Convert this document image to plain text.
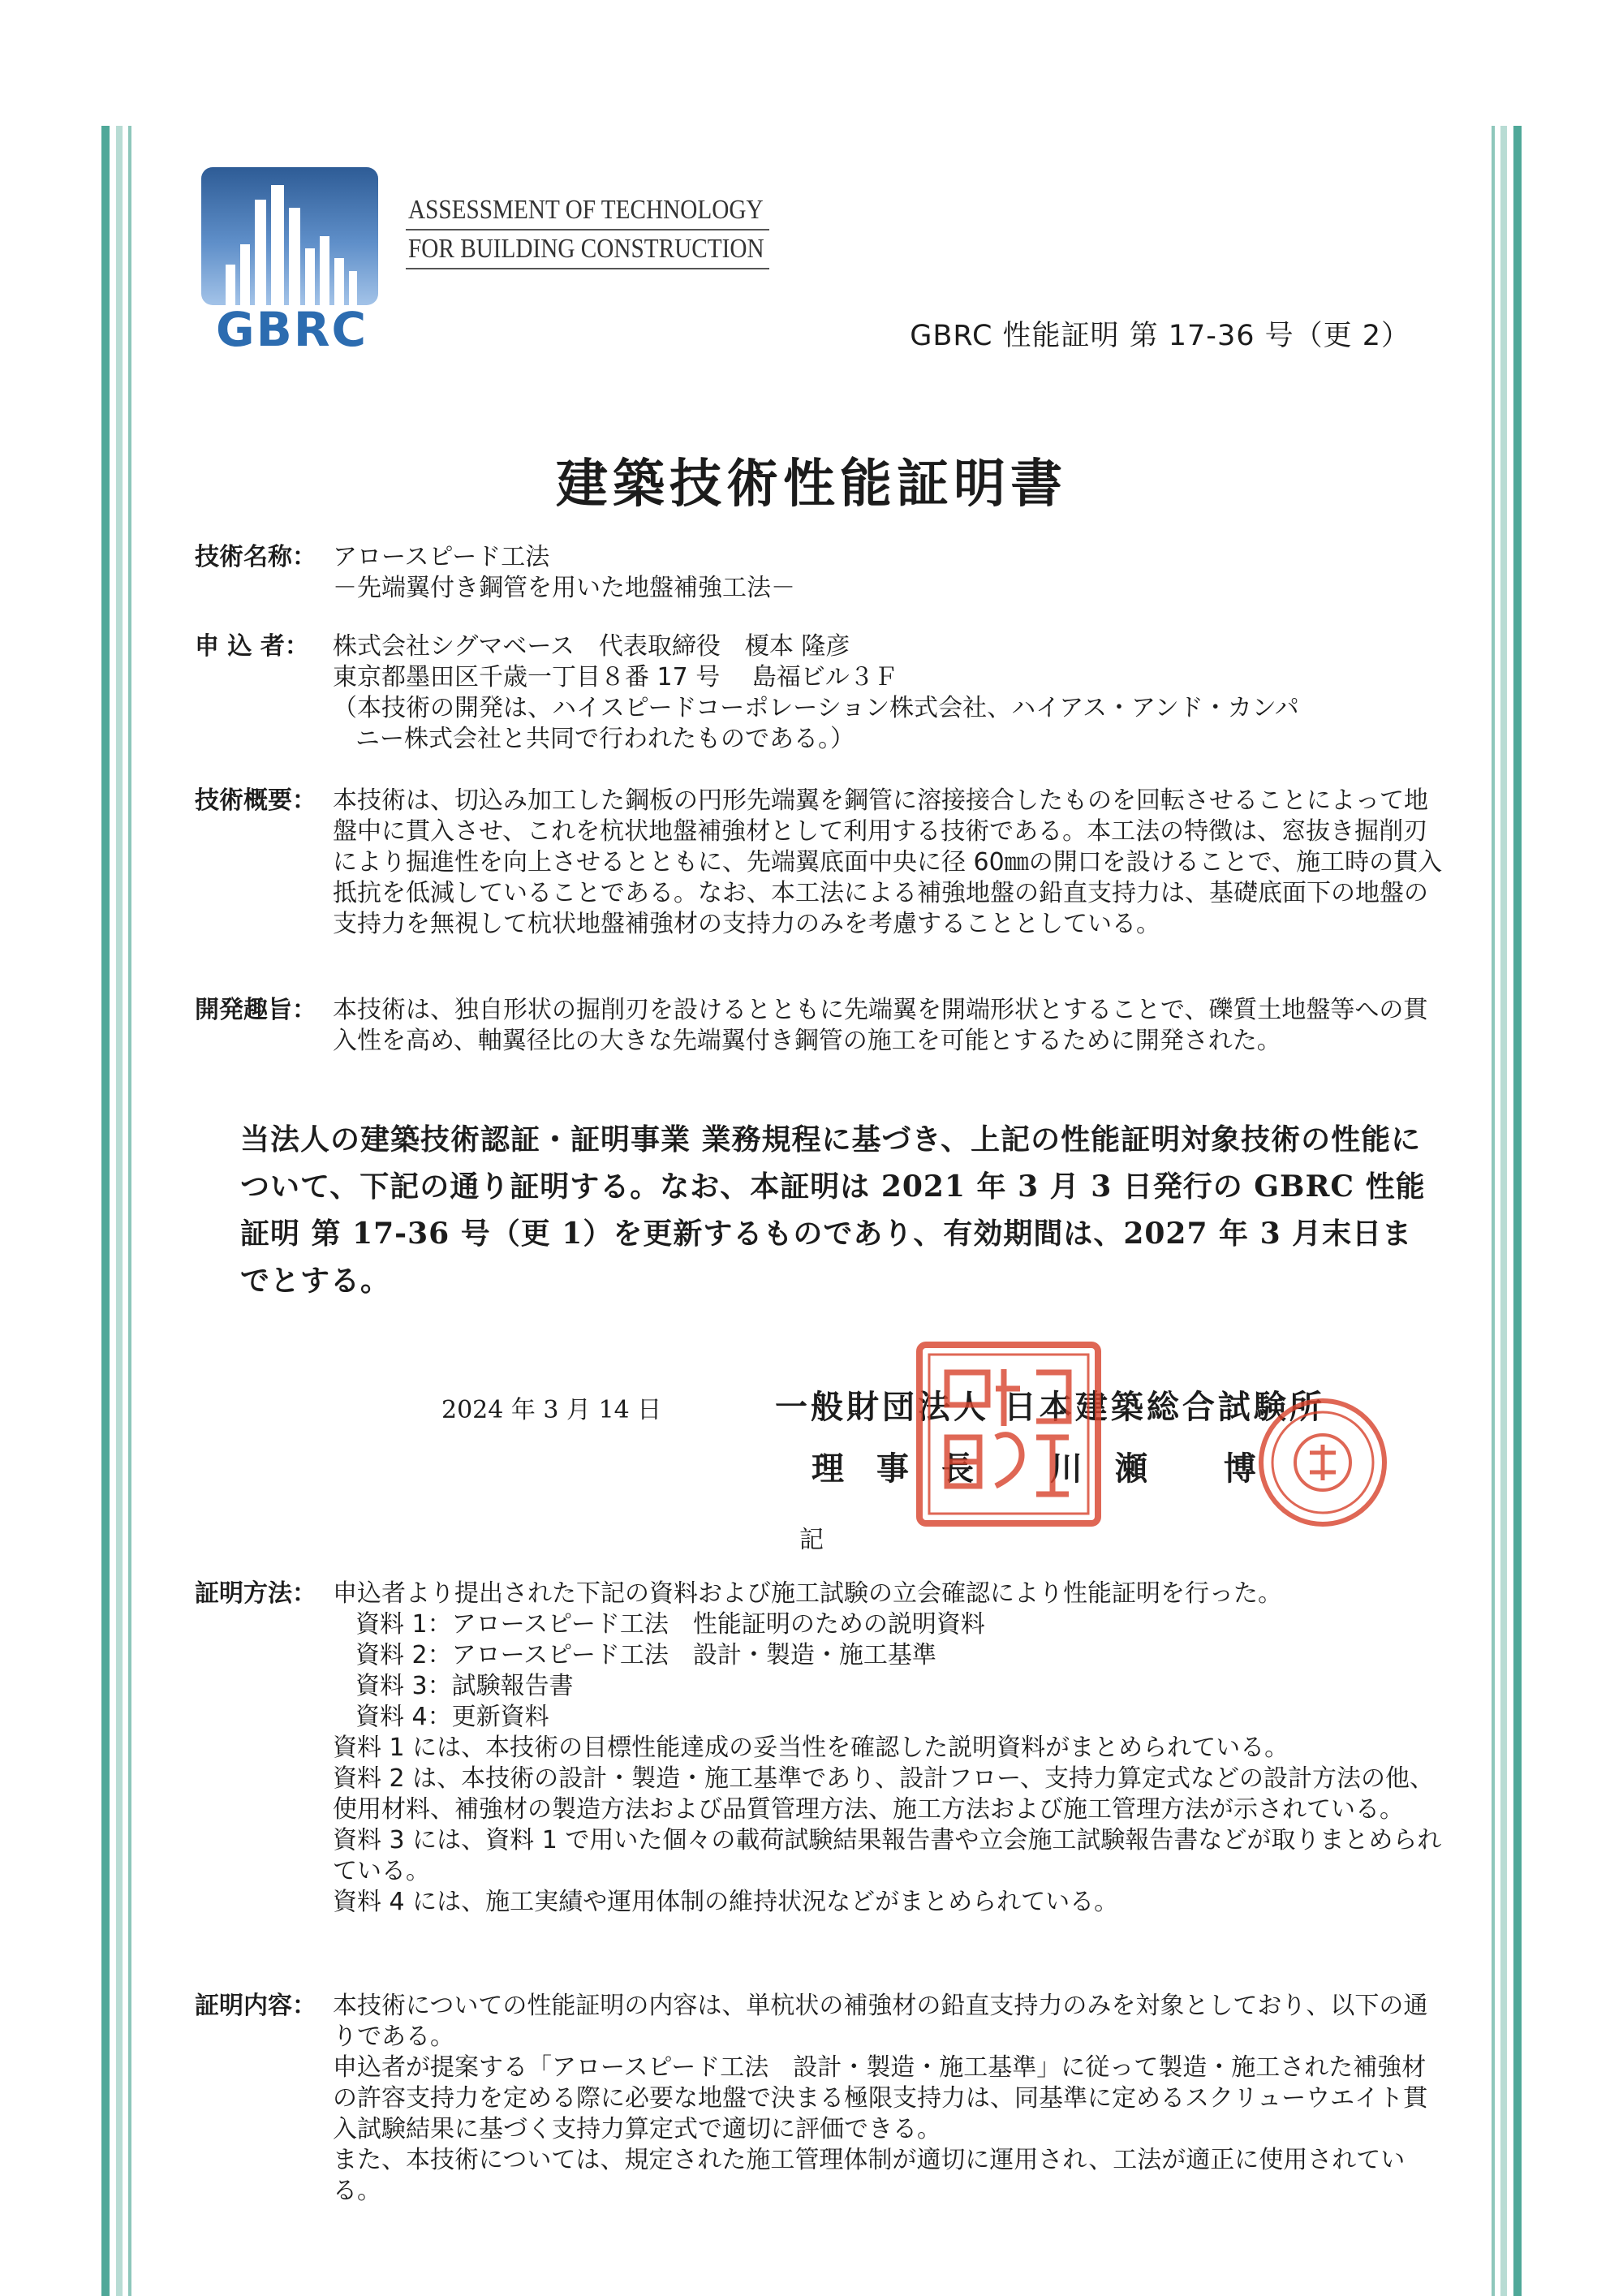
GBRC
ASSESSMENT OF TECHNOLOGY
FOR BUILDING CONSTRUCTION
GBRC 性能証明 第 17-36 号（更 2）
建築技術性能証明書
技術名称： アロースピード工法
－先端翼付き鋼管を用いた地盤補強工法－
申 込 者： 株式会社シグマベース　代表取締役　榎本 隆彦
東京都墨田区千歳一丁目８番 17 号　 島福ビル３Ｆ
（本技術の開発は、ハイスピードコーポレーション株式会社、ハイアス・アンド・カンパ
ニー株式会社と共同で行われたものである。）
技術概要： 本技術は、切込み加工した鋼板の円形先端翼を鋼管に溶接接合したものを回転させることによって地盤中に貫入させ、これを杭状地盤補強材として利用する技術である。本工法の特徴は、窓抜き掘削刃により掘進性を向上させるとともに、先端翼底面中央に径 60㎜の開口を設けることで、施工時の貫入抵抗を低減していることである。なお、本工法による補強地盤の鉛直支持力は、基礎底面下の地盤の支持力を無視して杭状地盤補強材の支持力のみを考慮することとしている。
開発趣旨： 本技術は、独自形状の掘削刃を設けるとともに先端翼を開端形状とすることで、礫質土地盤等への貫入性を高め、軸翼径比の大きな先端翼付き鋼管の施工を可能とするために開発された。
当法人の建築技術認証・証明事業 業務規程に基づき、上記の性能証明対象技術の性能について、下記の通り証明する。なお、本証明は 2021 年 3 月 3 日発行の GBRC 性能証明 第 17-36 号（更 1）を更新するものであり、有効期間は、2027 年 3 月末日までとする。
2024 年 3 月 14 日	一般財団法人 日本建築総合試験所
理事長 川瀬 博
記
証明方法： 申込者より提出された下記の資料および施工試験の立会確認により性能証明を行った。
資料 1：アロースピード工法　性能証明のための説明資料
資料 2：アロースピード工法　設計・製造・施工基準
資料 3：試験報告書
資料 4：更新資料
資料 1 には、本技術の目標性能達成の妥当性を確認した説明資料がまとめられている。
資料 2 は、本技術の設計・製造・施工基準であり、設計フロー、支持力算定式などの設計方法の他、使用材料、補強材の製造方法および品質管理方法、施工方法および施工管理方法が示されている。
資料 3 には、資料 1 で用いた個々の載荷試験結果報告書や立会施工試験報告書などが取りまとめられている。
資料 4 には、施工実績や運用体制の維持状況などがまとめられている。
証明内容： 本技術についての性能証明の内容は、単杭状の補強材の鉛直支持力のみを対象としており、以下の通りである。
申込者が提案する「アロースピード工法　設計・製造・施工基準」に従って製造・施工された補強材の許容支持力を定める際に必要な地盤で決まる極限支持力は、同基準に定めるスクリューウエイト貫入試験結果に基づく支持力算定式で適切に評価できる。
また、本技術については、規定された施工管理体制が適切に運用され、工法が適正に使用されている。
